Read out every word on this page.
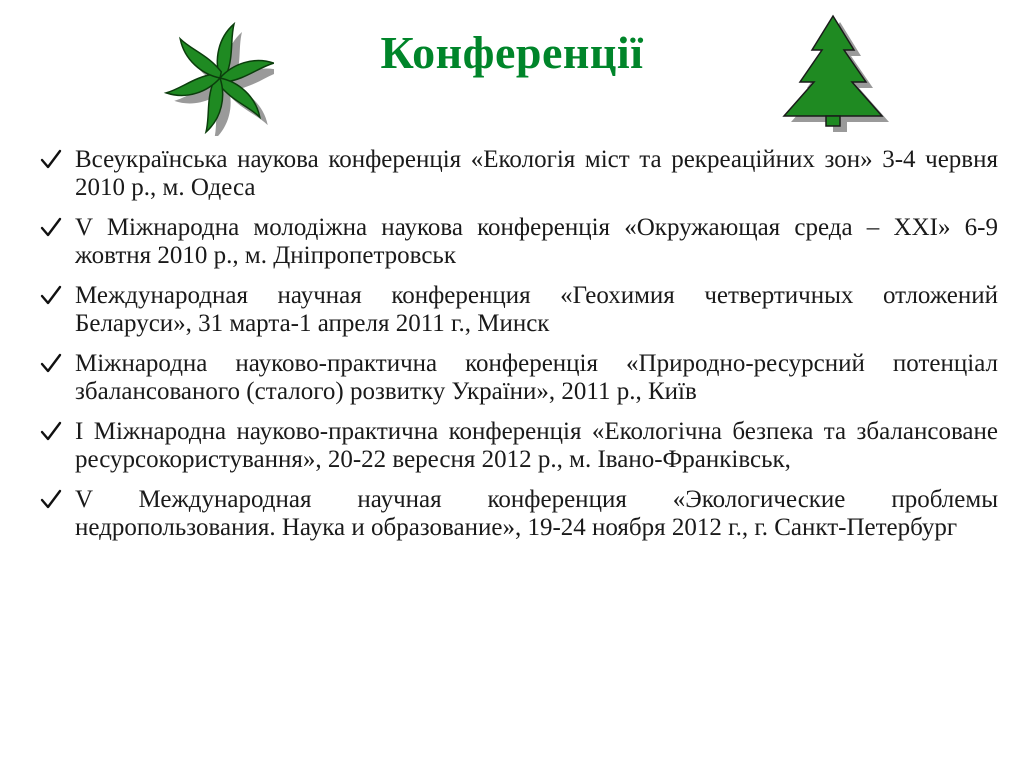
Конференції
Всеукраїнська наукова конференція «Екологія міст та рекреаційних зон» 3-4 червня 2010 р., м. Одеса
V Міжнародна молодіжна наукова конференція «Окружающая среда – XXI» 6-9 жовтня 2010 р., м. Дніпропетровськ
Международная научная конференция «Геохимия четвертичных отложений Беларуси», 31 марта-1 апреля 2011 г., Минск
Міжнародна науково-практична конференція «Природно-ресурсний потенціал збалансованого (сталого) розвитку України», 2011 р., Київ
І Міжнародна науково-практична конференція «Екологічна безпека та збалансоване ресурсокористування», 20-22 вересня 2012 р., м. Івано-Франківськ,
V Международная научная конференция «Экологические проблемы недропользования. Наука и образование», 19-24 ноября 2012 г., г. Санкт-Петербург
